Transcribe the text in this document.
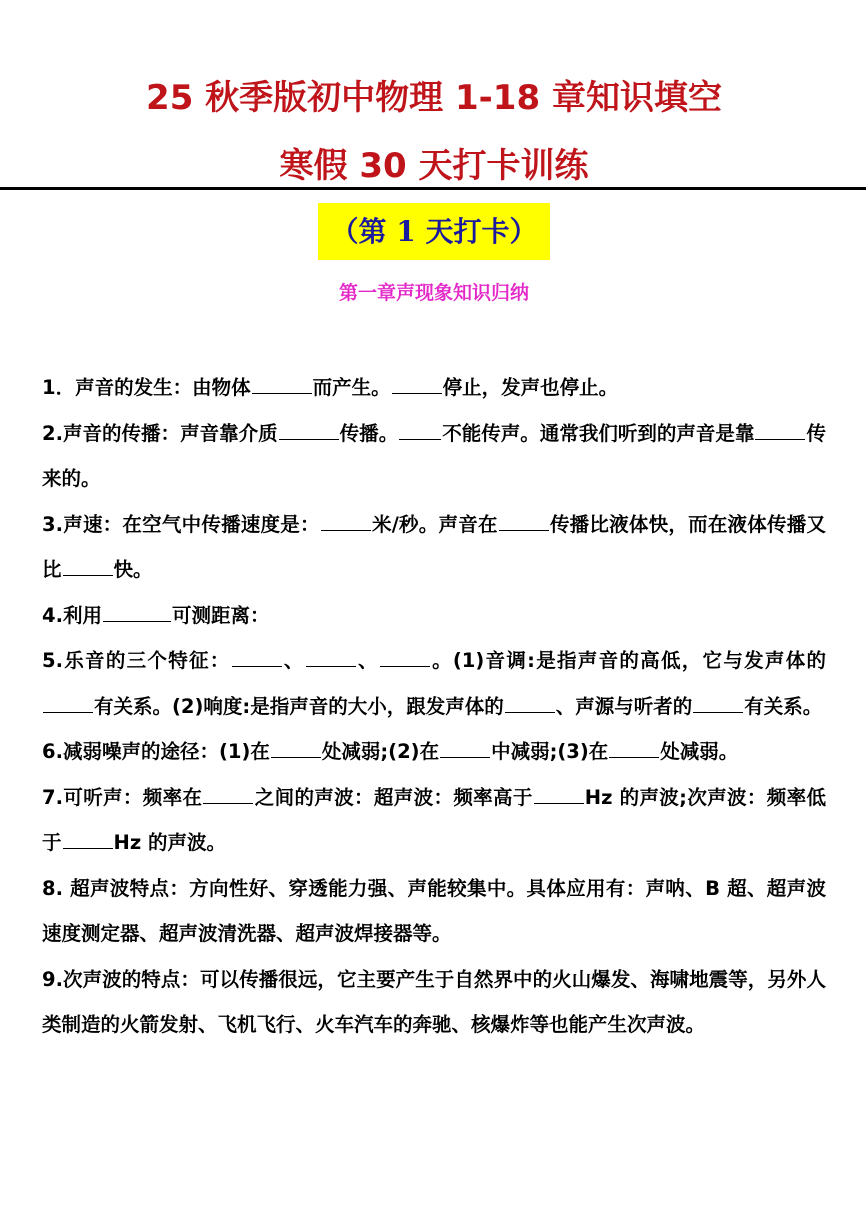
25 秋季版初中物理 1-18 章知识填空
寒假 30 天打卡训练
（第 1 天打卡）
第一章声现象知识归纳

1．声音的发生：由物体	而产生。	停止，发声也停止。

2.声音的传播：声音靠介质	传播。 不能传声。通常我们听到的声音是靠	传来的。

3.声速：在空气中传播速度是：	米/秒。声音在	传播比液体快，而在液体传播又比	快。

4.利用	可测距离：

5.乐音的三个特征：	、	、	。(1)音调:是指声音的高低，它与发声体的有关系。(2)响度:是指声音的大小，跟发声体的	、声源与听者的	有关系。

6.减弱噪声的途径：(1)在	处减弱;(2)在	中减弱;(3)在	处减弱。

7.可听声：频率在	之间的声波：超声波：频率高于	Hz 的声波;次声波：频率低于	Hz 的声波。

8. 超声波特点：方向性好、穿透能力强、声能较集中。具体应用有：声呐、B 超、超声波速度测定器、超声波清洗器、超声波焊接器等。

9.次声波的特点：可以传播很远，它主要产生于自然界中的火山爆发、海啸地震等，另外人类制造的火箭发射、飞机飞行、火车汽车的奔驰、核爆炸等也能产生次声波。
